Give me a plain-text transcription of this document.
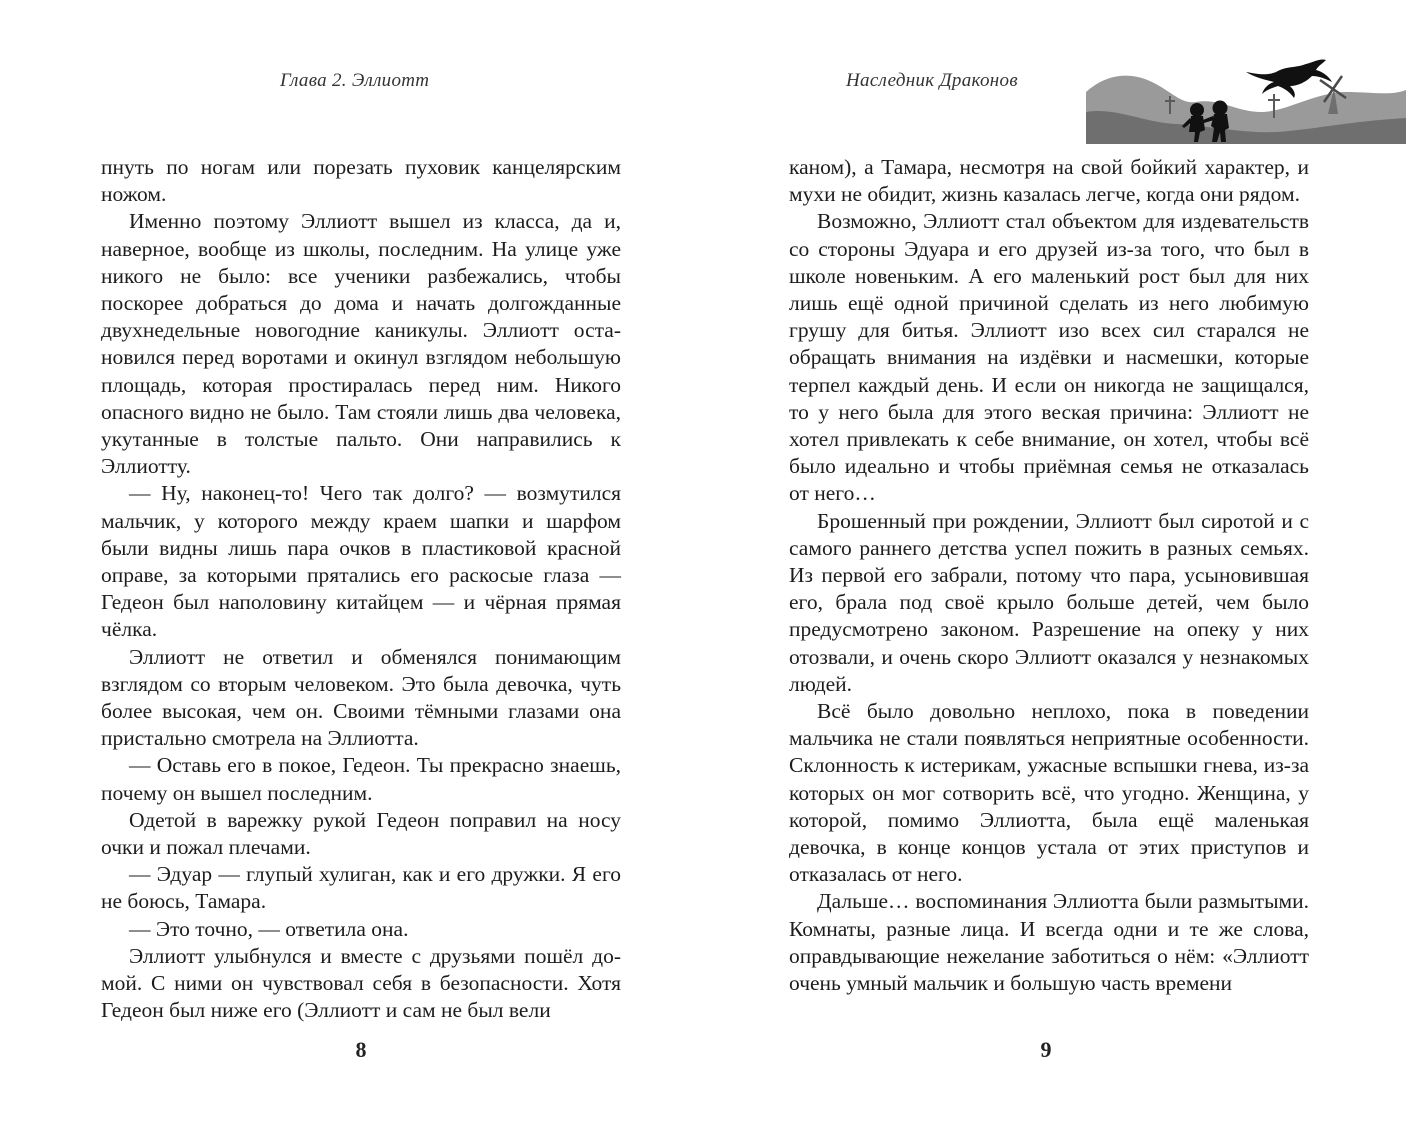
Глава 2. Эллиотт

пнуть по ногам или порезать пуховик канцелярским ножом.

Именно поэтому Эллиотт вышел из класса, да и, наверное, вообще из школы, последним. На улице уже никого не было: все ученики разбежались, чтобы поскорее добраться до дома и начать долгожданные двухнедельные новогодние каникулы. Эллиотт остановился перед воротами и окинул взглядом небольшую площадь, которая простиралась перед ним. Никого опасного видно не было. Там стояли лишь два человека, укутанные в толстые пальто. Они направились к Эллиотту.

— Ну, наконец-то! Чего так долго? — возмутился мальчик, у которого между краем шапки и шарфом были видны лишь пара очков в пластиковой красной оправе, за которыми прятались его раскосые глаза — Гедеон был наполовину китайцем — и чёрная прямая чёлка.

Эллиотт не ответил и обменялся понимающим взглядом со вторым человеком. Это была девочка, чуть более высокая, чем он. Своими тёмными глазами она пристально смотрела на Эллиотта.

— Оставь его в покое, Гедеон. Ты прекрасно знаешь, почему он вышел последним.

Одетой в варежку рукой Гедеон поправил на носу очки и пожал плечами.

— Эдуар — глупый хулиган, как и его дружки. Я его не боюсь, Тамара.

— Это точно, — ответила она.

Эллиотт улыбнулся и вместе с друзьями пошёл домой. С ними он чувствовал себя в безопасности. Хотя Гедеон был ниже его (Эллиотт и сам не был вели

8
Наследник Драконов

каном), а Тамара, несмотря на свой бойкий характер, и мухи не обидит, жизнь казалась легче, когда они рядом.

Возможно, Эллиотт стал объектом для издевательств со стороны Эдуара и его друзей из-за того, что был в школе новеньким. А его маленький рост был для них лишь ещё одной причиной сделать из него любимую грушу для битья. Эллиотт изо всех сил старался не обращать внимания на издёвки и насмешки, которые терпел каждый день. И если он никогда не защищался, то у него была для этого веская причина: Эллиотт не хотел привлекать к себе внимание, он хотел, чтобы всё было идеально и чтобы приёмная семья не отказалась от него…

Брошенный при рождении, Эллиотт был сиротой и с самого раннего детства успел пожить в разных семьях. Из первой его забрали, потому что пара, усыновившая его, брала под своё крыло больше детей, чем было предусмотрено законом. Разрешение на опеку у них отозвали, и очень скоро Эллиотт оказался у незнакомых людей.

Всё было довольно неплохо, пока в поведении мальчика не стали появляться неприятные особенности. Склонность к истерикам, ужасные вспышки гнева, из-за которых он мог сотворить всё, что угодно. Женщина, у которой, помимо Эллиотта, была ещё маленькая девочка, в конце концов устала от этих приступов и отказалась от него.

Дальше… воспоминания Эллиотта были размытыми. Комнаты, разные лица. И всегда одни и те же слова, оправдывающие нежелание заботиться о нём: «Эллиотт очень умный мальчик и большую часть времени

9
